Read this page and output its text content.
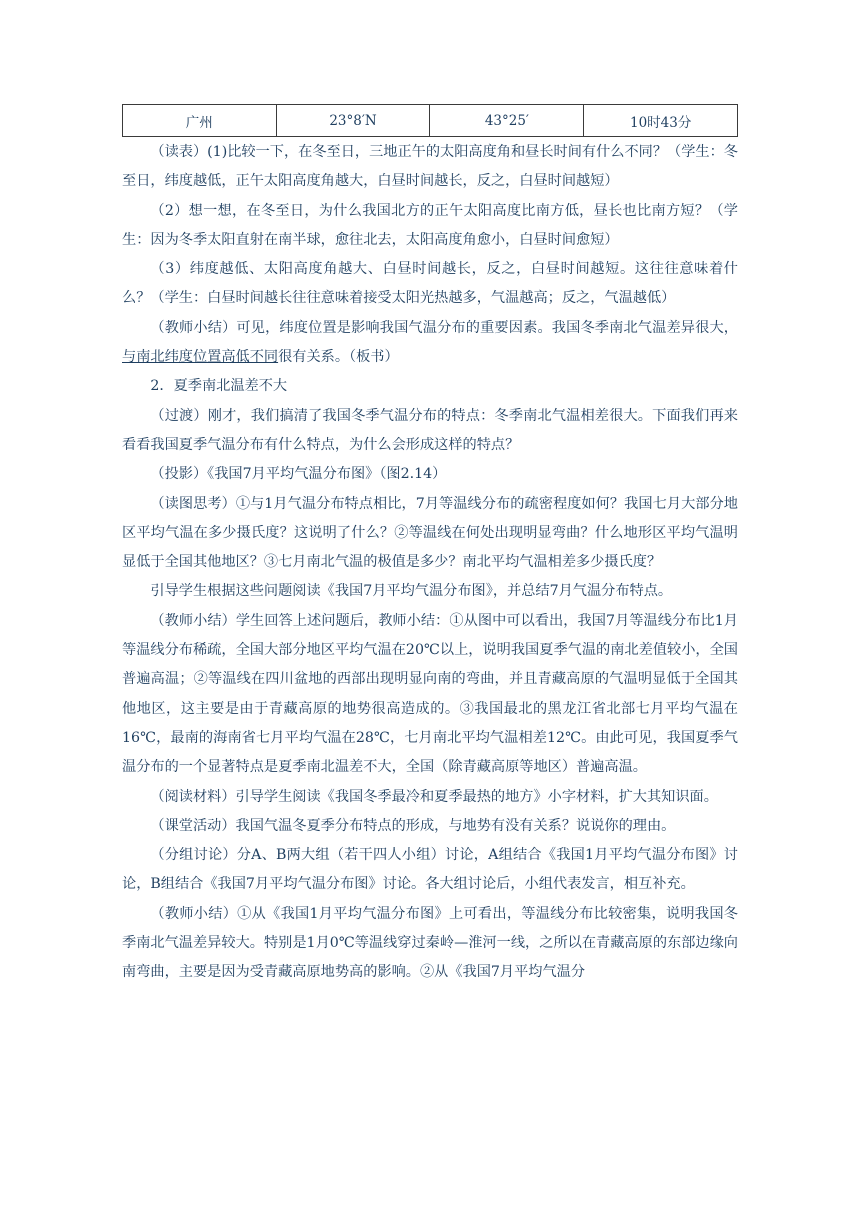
广州	23°8′N	43°25′	10时43分

（读表）(1)比较一下，在冬至日，三地正午的太阳高度角和昼长时间有什么不同？（学生：冬至日，纬度越低，正午太阳高度角越大，白昼时间越长，反之，白昼时间越短）

（2）想一想，在冬至日，为什么我国北方的正午太阳高度比南方低，昼长也比南方短？（学生：因为冬季太阳直射在南半球，愈往北去，太阳高度角愈小，白昼时间愈短）

（3）纬度越低、太阳高度角越大、白昼时间越长，反之，白昼时间越短。这往往意味着什么？（学生：白昼时间越长往往意味着接受太阳光热越多，气温越高；反之，气温越低）

（教师小结）可见，纬度位置是影响我国气温分布的重要因素。我国冬季南北气温差异很大，与南北纬度位置高低不同很有关系。（板书）

2．夏季南北温差不大

（过渡）刚才，我们搞清了我国冬季气温分布的特点：冬季南北气温相差很大。下面我们再来看看我国夏季气温分布有什么特点，为什么会形成这样的特点？

（投影）《我国7月平均气温分布图》（图2.14）

（读图思考）①与1月气温分布特点相比，7月等温线分布的疏密程度如何？我国七月大部分地区平均气温在多少摄氏度？这说明了什么？②等温线在何处出现明显弯曲？什么地形区平均气温明显低于全国其他地区？③七月南北气温的极值是多少？南北平均气温相差多少摄氏度？

引导学生根据这些问题阅读《我国7月平均气温分布图》，并总结7月气温分布特点。

（教师小结）学生回答上述问题后，教师小结：①从图中可以看出，我国7月等温线分布比1月等温线分布稀疏，全国大部分地区平均气温在20℃以上，说明我国夏季气温的南北差值较小，全国普遍高温；②等温线在四川盆地的西部出现明显向南的弯曲，并且青藏高原的气温明显低于全国其他地区，这主要是由于青藏高原的地势很高造成的。③我国最北的黑龙江省北部七月平均气温在16℃，最南的海南省七月平均气温在28℃，七月南北平均气温相差12℃。由此可见，我国夏季气温分布的一个显著特点是夏季南北温差不大，全国（除青藏高原等地区）普遍高温。

（阅读材料）引导学生阅读《我国冬季最冷和夏季最热的地方》小字材料，扩大其知识面。

（课堂活动）我国气温冬夏季分布特点的形成，与地势有没有关系？说说你的理由。

（分组讨论）分A、B两大组（若干四人小组）讨论，A组结合《我国1月平均气温分布图》讨论，B组结合《我国7月平均气温分布图》讨论。各大组讨论后，小组代表发言，相互补充。

（教师小结）①从《我国1月平均气温分布图》上可看出，等温线分布比较密集，说明我国冬季南北气温差异较大。特别是1月0℃等温线穿过秦岭—淮河一线，之所以在青藏高原的东部边缘向南弯曲，主要是因为受青藏高原地势高的影响。②从《我国7月平均气温分
